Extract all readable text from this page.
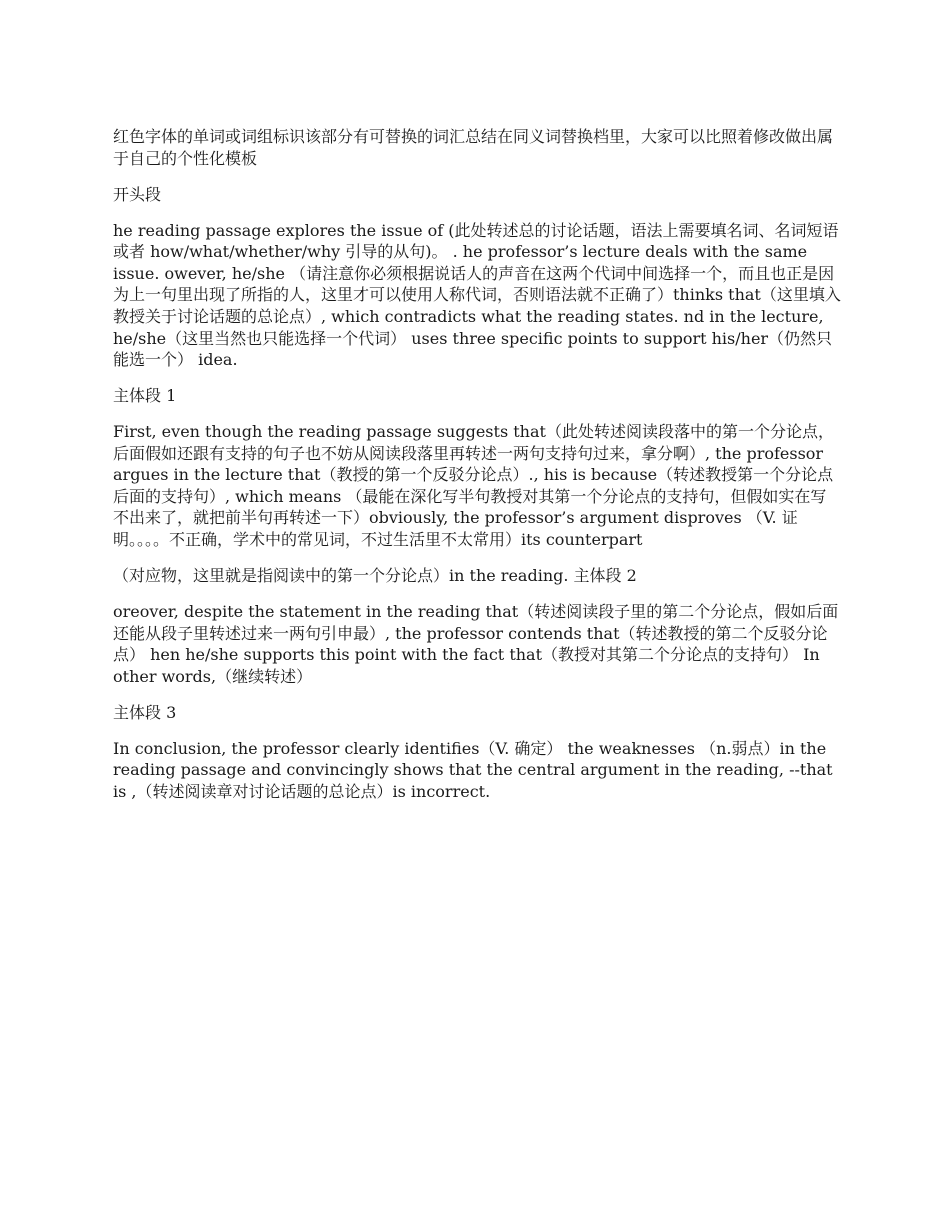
红色字体的单词或词组标识该部分有可替换的词汇总结在同义词替换档里，大家可以比照着修改做出属于自己的个性化模板

开头段

he reading passage explores the issue of (此处转述总的讨论话题，语法上需要填名词、名词短语或者 how/what/whether/why 引导的从句)。 . he professor’s lecture deals with the same issue. owever, he/she （请注意你必须根据说话人的声音在这两个代词中间选择一个，而且也正是因为上一句里出现了所指的人，这里才可以使用人称代词，否则语法就不正确了）thinks that（这里填入教授关于讨论话题的总论点）, which contradicts what the reading states. nd in the lecture, he/she（这里当然也只能选择一个代词） uses three specific points to support his/her（仍然只能选一个） idea.

主体段 1

First, even though the reading passage suggests that（此处转述阅读段落中的第一个分论点，后面假如还跟有支持的句子也不妨从阅读段落里再转述一两句支持句过来，拿分啊）, the professor argues in the lecture that（教授的第一个反驳分论点）., his is because（转述教授第一个分论点后面的支持句）, which means （最能在深化写半句教授对其第一个分论点的支持句，但假如实在写不出来了，就把前半句再转述一下）obviously, the professor’s argument disproves （V. 证明。。。。不正确，学术中的常见词，不过生活里不太常用）its counterpart

（对应物，这里就是指阅读中的第一个分论点）in the reading. 主体段 2

oreover, despite the statement in the reading that（转述阅读段子里的第二个分论点，假如后面还能从段子里转述过来一两句引申最）, the professor contends that（转述教授的第二个反驳分论点） hen he/she supports this point with the fact that（教授对其第二个分论点的支持句） In other words,（继续转述）

主体段 3

In conclusion, the professor clearly identifies（V. 确定） the weaknesses （n.弱点）in the reading passage and convincingly shows that the central argument in the reading, --that is ,（转述阅读章对讨论话题的总论点）is incorrect.
